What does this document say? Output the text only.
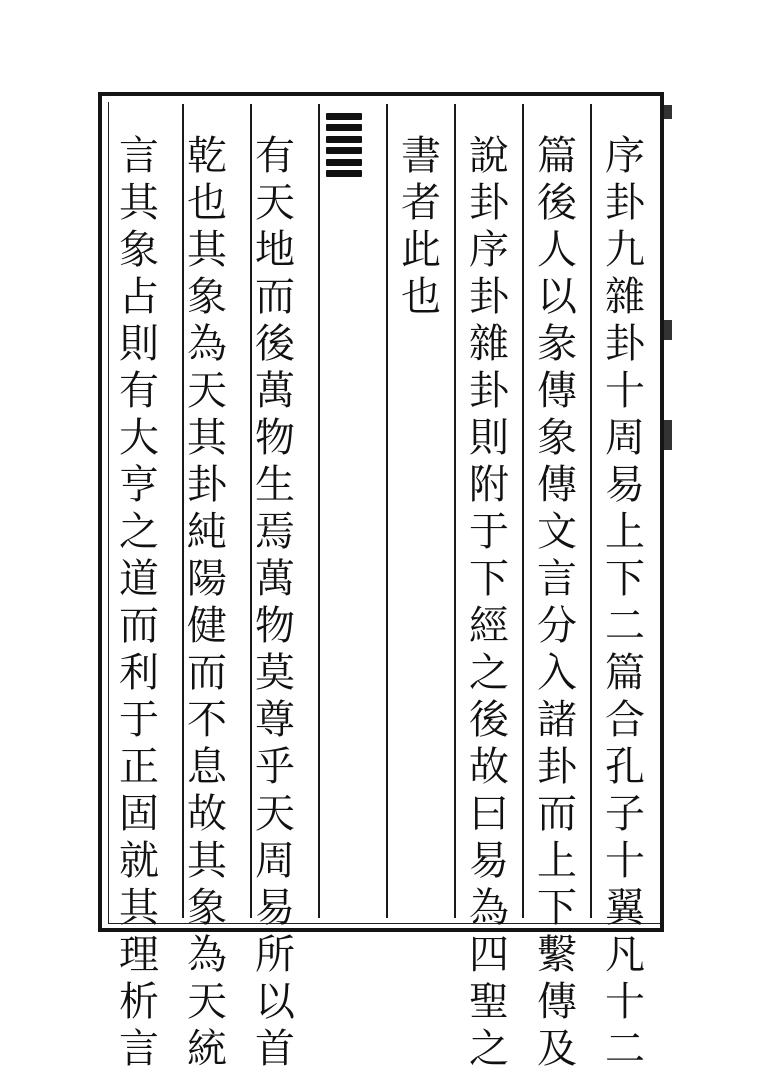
序
卦
九
雜
卦
十
周
易
上
下
二
篇
合
孔
子
十
翼
凡
十
二
篇
後
人
以
彖
傳
象
傳
文
言
分
入
諸
卦
而
上
下
繫
傳
及
說
卦
序
卦
雜
卦
則
附
于
下
經
之
後
故
曰
易
為
四
聖
之
書
者
此
也
有
天
地
而
後
萬
物
生
焉
萬
物
莫
尊
乎
天
周
易
所
以
首
乾
也
其
象
為
天
其
卦
純
陽
健
而
不
息
故
其
象
為
天
統
言
其
象
占
則
有
大
亨
之
道
而
利
于
正
固
就
其
理
析
言
